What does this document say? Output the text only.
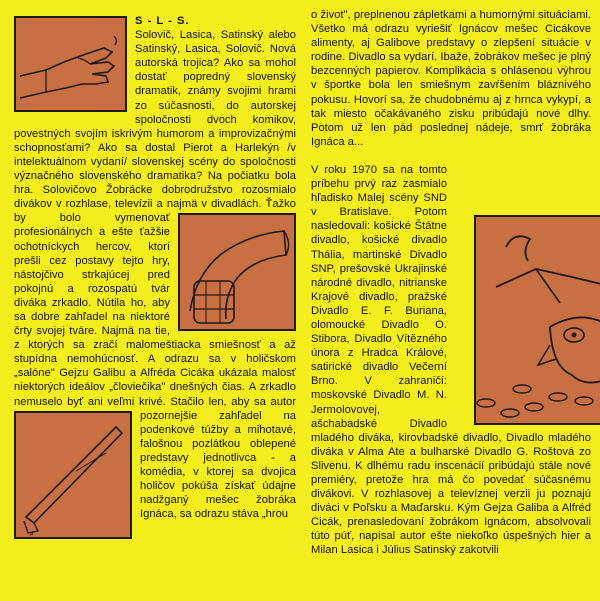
S - L - S.

Solovič, Lasica, Satinský alebo Satinský, Lasica, Solovič. Nová autorská trojica? Ako sa mohol dostať popredný slovenský dramatik, známy svojimi hrami zo súčasnosti, do autorskej spoločnosti dvoch komikov, povestných svojím iskrivým humorom a improvizačnými schopnosťami? Ako sa dostal Pierot a Harlekýn /v intelektuálnom vydaní/ slovenskej scény do spoločnosti význačného slovenského dramatika? Na počiatku bola hra. Solovičovo Žobrácke dobrodružstvo rozosmialo divákov v rozhlase, televízii a najmä v divadlách. Ťažko by bolo
vymenovať profesionálnych a ešte ťažšie ochotníckych hercov, ktorí prešli cez postavy tejto hry, nástojčivo strkajúcej pred pokojnú a rozospatú tvár diváka zrkadlo. Nútila ho, aby sa dobre zahľadel na niektoré črty svojej tváre. Najmä na tie, z ktorých sa zračí malomeštiacka smiešnosť a až stupídna nemohúcnosť. A odrazu sa v holičskom „salóne" Gejzu Galibu a Alfréda Cicáka ukázala malosť niektorých ideálov „človiečika" dnešných čias. A zrkadlo nemuselo byť ani veľmi krivé. Stačilo len, aby sa autor
pozornejšie zahľadel na podenkové túžby a mihotavé, falošnou pozlátkou oblepené predstavy jednotlivca - a komédia, v ktorej sa dvojica holičov pokúša získať údajne nadžganý mešec žobráka Ignáca, sa odrazu stáva „hrou

o život", preplnenou zápletkami a humornými situáciami. Všetko má odrazu vyriešiť Ignácov mešec Cicákove alimenty, aj Galibove predstavy o zlepšení situácie v rodine. Divadlo sa vydarí. Ibaže, žobrákov mešec je plný bezcenných papierov. Komplikácia s ohlásenou výhrou v športke bola len smiešnym zavŕšením bláznivého pokusu. Hovorí sa, že chudobnému aj z hrnca vykypí, a tak miesto očakávaného zisku pribúdajú nové dlhy. Potom už len pád poslednej nádeje, smrť žobráka Ignáca a...

V roku 1970 sa na tomto príbehu prvý raz zasmialo hľadisko Malej scény SND v Bratislave. Potom nasledovali: košické Štátne divadlo, košické divadlo Thália, martinské Divadlo SNP, prešovské Ukrajinské národné divadlo, nitrianske Krajové divadlo, pražské Divadlo E. F. Buriana, olomoucké Divadlo O. Stibora, Divadlo Vítězného února z Hradca Králové, satirické divadlo Večerní Brno. V zahraničí: moskovské Divadlo M. N. Jermolovovej, ašchabadské Divadlo mladého diváka, kirovbadské divadlo, Divadlo mladého diváka v Alma Ate a bulharské Divadlo G. Roštová zo Slivenu. K dlhému radu inscenácií pribúdajú stále nové premiéry, pretože hra má čo povedať súčasnému divákovi. V rozhlasovej a televíznej verzii ju poznajú diváci v Poľsku a Maďarsku. Kým Gejza Galiba a Alfréd Cicák, prenasledovaní žobrákom Ignácom, absolvovali túto púť, napísal autor ešte niekoľko úspešných hier a Milan Lasica i Július Satinský zakotvili
